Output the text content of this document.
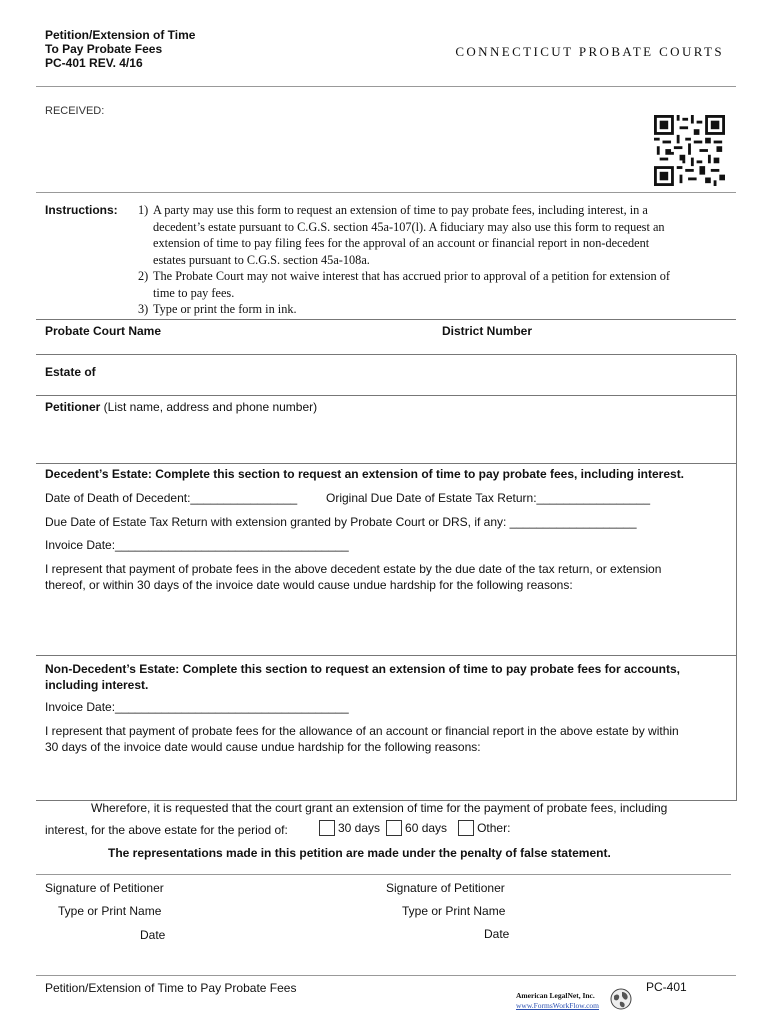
Petition/Extension of Time
To Pay Probate Fees
PC-401 REV. 4/16
CONNECTICUT PROBATE COURTS
RECEIVED:
Instructions: 1) A party may use this form to request an extension of time to pay probate fees, including interest, in a
decedent’s estate pursuant to C.G.S. section 45a-107(l). A fiduciary may also use this form to request an
extension of time to pay filing fees for the approval of an account or financial report in non-decedent
estates pursuant to C.G.S. section 45a-108a.
2) The Probate Court may not waive interest that has accrued prior to approval of a petition for extension of
time to pay fees.
3) Type or print the form in ink.
Probate Court Name	District Number
Estate of
Petitioner (List name, address and phone number)
Decedent’s Estate: Complete this section to request an extension of time to pay probate fees, including interest.
Date of Death of Decedent:________________ Original Due Date of Estate Tax Return:_________________
Due Date of Estate Tax Return with extension granted by Probate Court or DRS, if any: ___________________
Invoice Date:___________________________________
I represent that payment of probate fees in the above decedent estate by the due date of the tax return, or extension
thereof, or within 30 days of the invoice date would cause undue hardship for the following reasons:
Non-Decedent’s Estate: Complete this section to request an extension of time to pay probate fees for accounts,
including interest.
Invoice Date:___________________________________
I represent that payment of probate fees for the allowance of an account or financial report in the above estate by within
30 days of the invoice date would cause undue hardship for the following reasons:
Wherefore, it is requested that the court grant an extension of time for the payment of probate fees, including
interest, for the above estate for the period of:	30 days 60 days	Other:
The representations made in this petition are made under the penalty of false statement.
Signature of Petitioner	Signature of Petitioner
Type or Print Name	Type or Print Name
Date	Date
Petition/Extension of Time to Pay Probate Fees
American LegalNet, Inc.
www.FormsWorkFlow.com
PC-401
